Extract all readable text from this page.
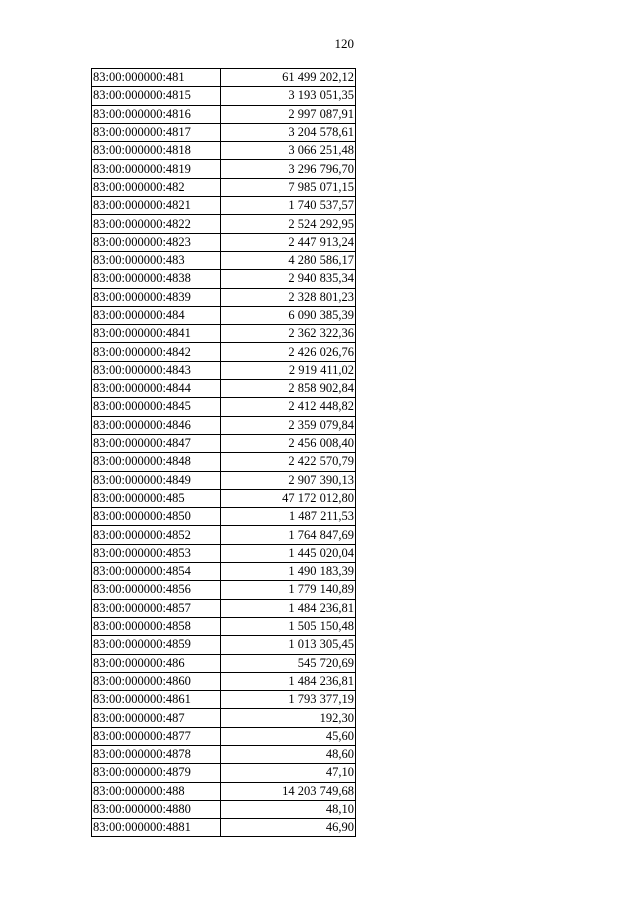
120
83:00:000000:481	61 499 202,12
83:00:000000:4815	3 193 051,35
83:00:000000:4816	2 997 087,91
83:00:000000:4817	3 204 578,61
83:00:000000:4818	3 066 251,48
83:00:000000:4819	3 296 796,70
83:00:000000:482	7 985 071,15
83:00:000000:4821	1 740 537,57
83:00:000000:4822	2 524 292,95
83:00:000000:4823	2 447 913,24
83:00:000000:483	4 280 586,17
83:00:000000:4838	2 940 835,34
83:00:000000:4839	2 328 801,23
83:00:000000:484	6 090 385,39
83:00:000000:4841	2 362 322,36
83:00:000000:4842	2 426 026,76
83:00:000000:4843	2 919 411,02
83:00:000000:4844	2 858 902,84
83:00:000000:4845	2 412 448,82
83:00:000000:4846	2 359 079,84
83:00:000000:4847	2 456 008,40
83:00:000000:4848	2 422 570,79
83:00:000000:4849	2 907 390,13
83:00:000000:485	47 172 012,80
83:00:000000:4850	1 487 211,53
83:00:000000:4852	1 764 847,69
83:00:000000:4853	1 445 020,04
83:00:000000:4854	1 490 183,39
83:00:000000:4856	1 779 140,89
83:00:000000:4857	1 484 236,81
83:00:000000:4858	1 505 150,48
83:00:000000:4859	1 013 305,45
83:00:000000:486	545 720,69
83:00:000000:4860	1 484 236,81
83:00:000000:4861	1 793 377,19
83:00:000000:487	192,30
83:00:000000:4877	45,60
83:00:000000:4878	48,60
83:00:000000:4879	47,10
83:00:000000:488	14 203 749,68
83:00:000000:4880	48,10
83:00:000000:4881	46,90
